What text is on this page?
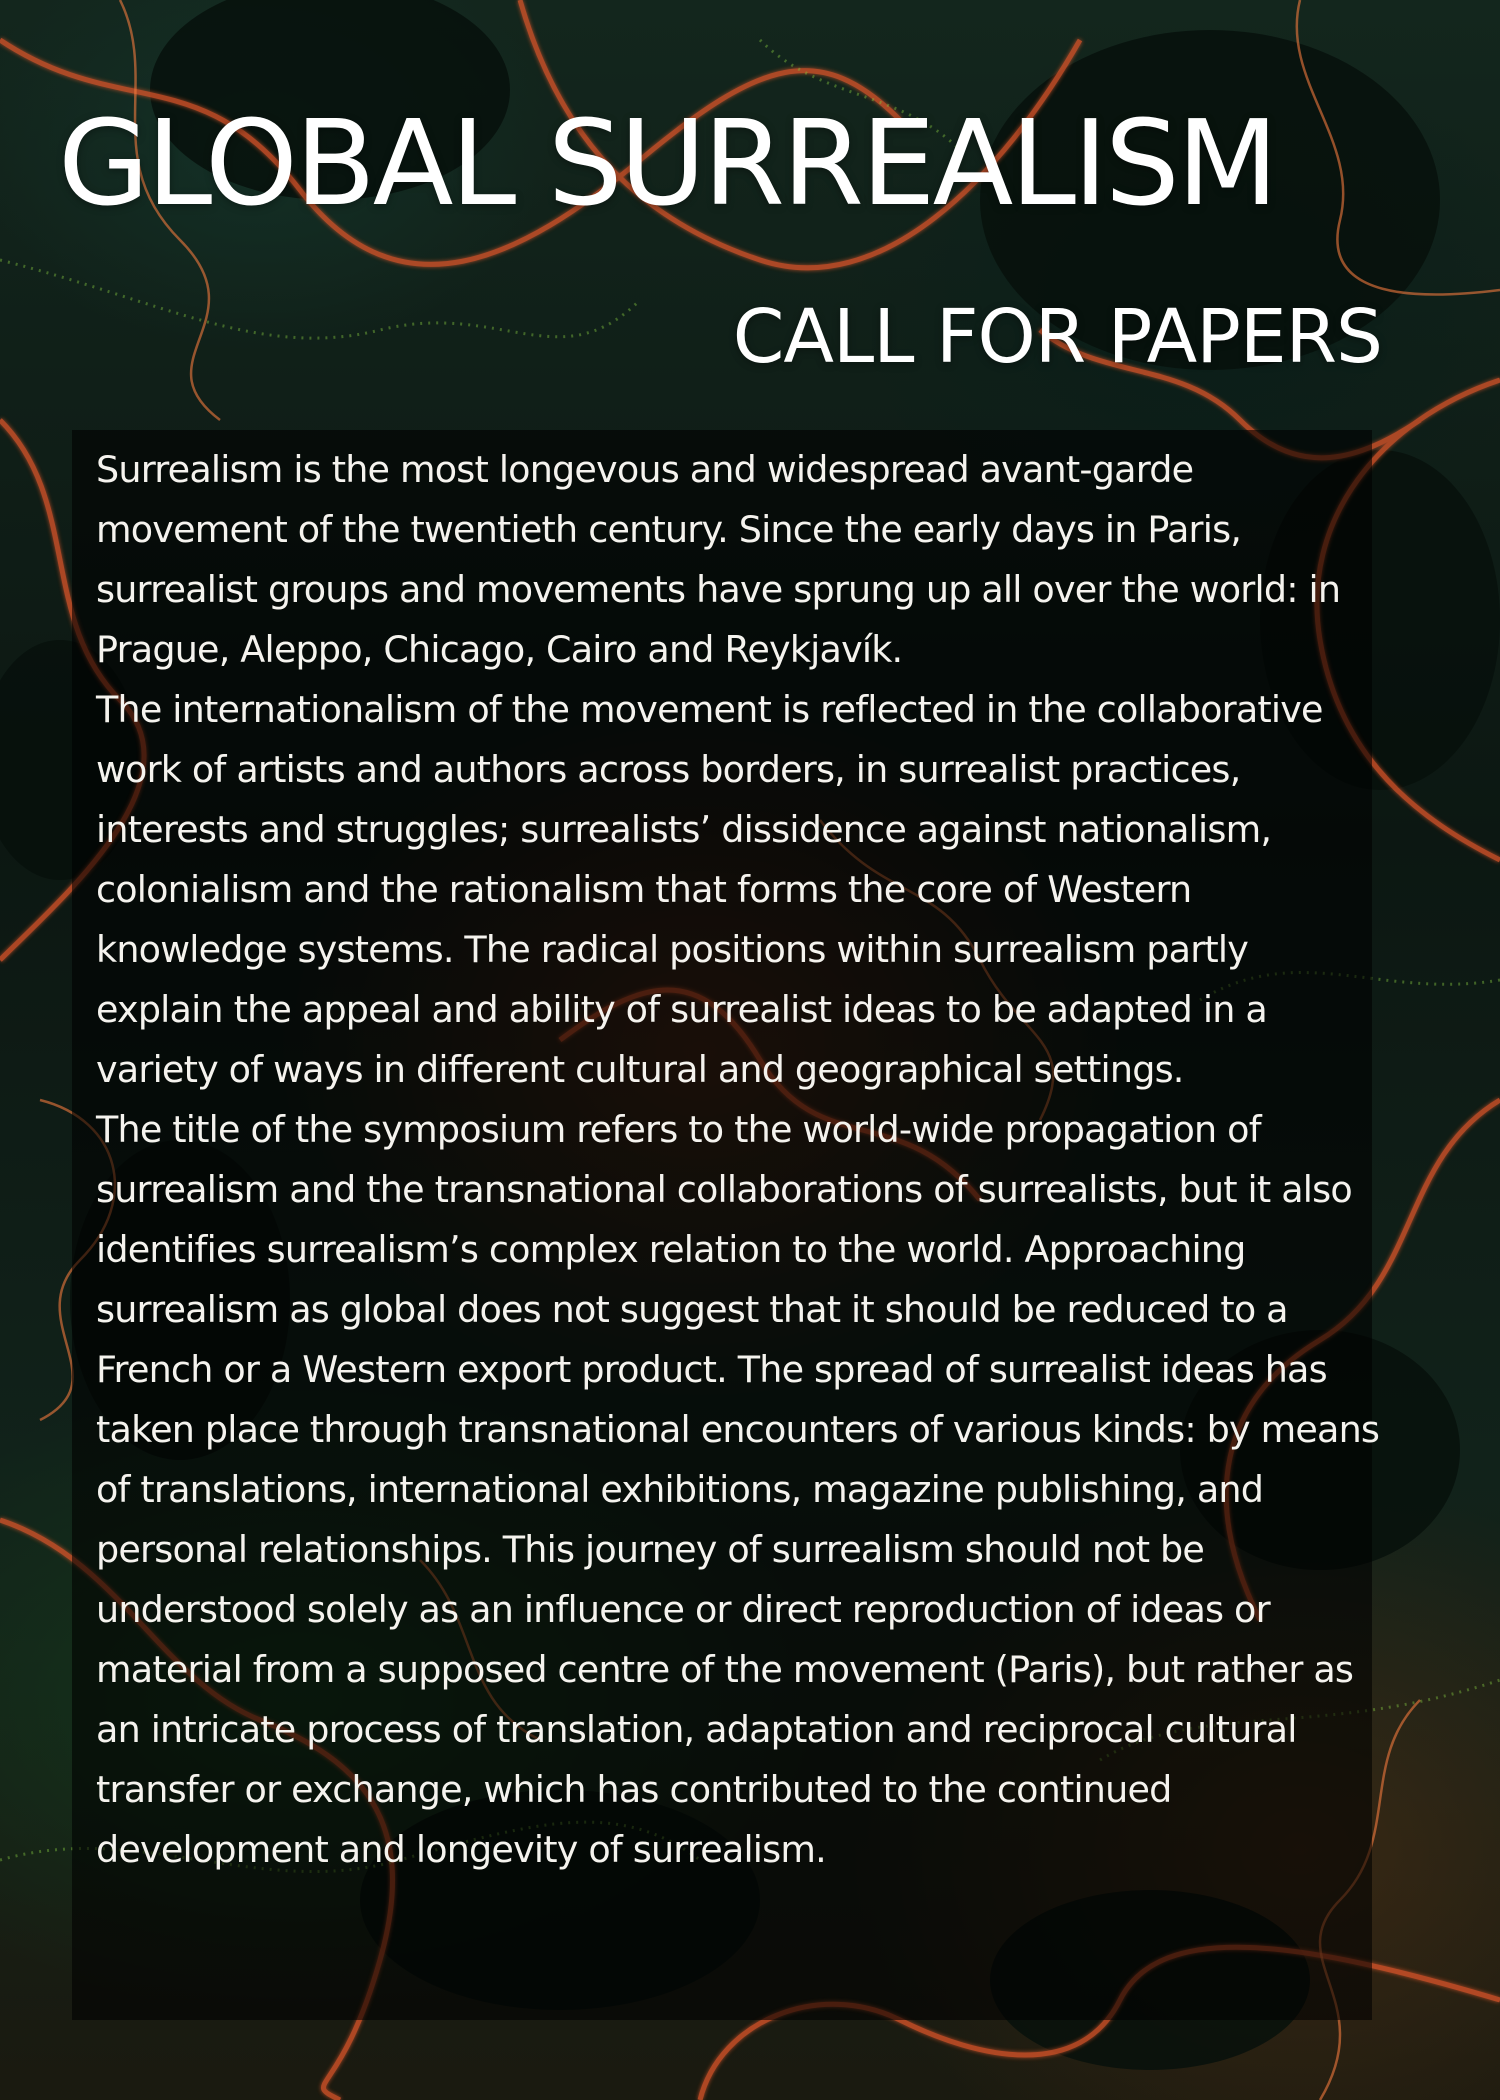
GLOBAL SURREALISM
CALL FOR PAPERS

Surrealism is the most longevous and widespread avant-garde movement of the twentieth century. Since the early days in Paris, surrealist groups and movements have sprung up all over the world: in Prague, Aleppo, Chicago, Cairo and Reykjavík.

The internationalism of the movement is reflected in the collaborative work of artists and authors across borders, in surrealist practices, interests and struggles; surrealists’ dissidence against nationalism, colonialism and the rationalism that forms the core of Western knowledge systems. The radical positions within surrealism partly explain the appeal and ability of surrealist ideas to be adapted in a variety of ways in different cultural and geographical settings.

The title of the symposium refers to the world-wide propagation of surrealism and the transnational collaborations of surrealists, but it also identifies surrealism’s complex relation to the world. Approaching surrealism as global does not suggest that it should be reduced to a French or a Western export product. The spread of surrealist ideas has taken place through transnational encounters of various kinds: by means of translations, international exhibitions, magazine publishing, and personal relationships. This journey of surrealism should not be understood solely as an influence or direct reproduction of ideas or material from a supposed centre of the movement (Paris), but rather as an intricate process of translation, adaptation and reciprocal cultural transfer or exchange, which has contributed to the continued development and longevity of surrealism.
